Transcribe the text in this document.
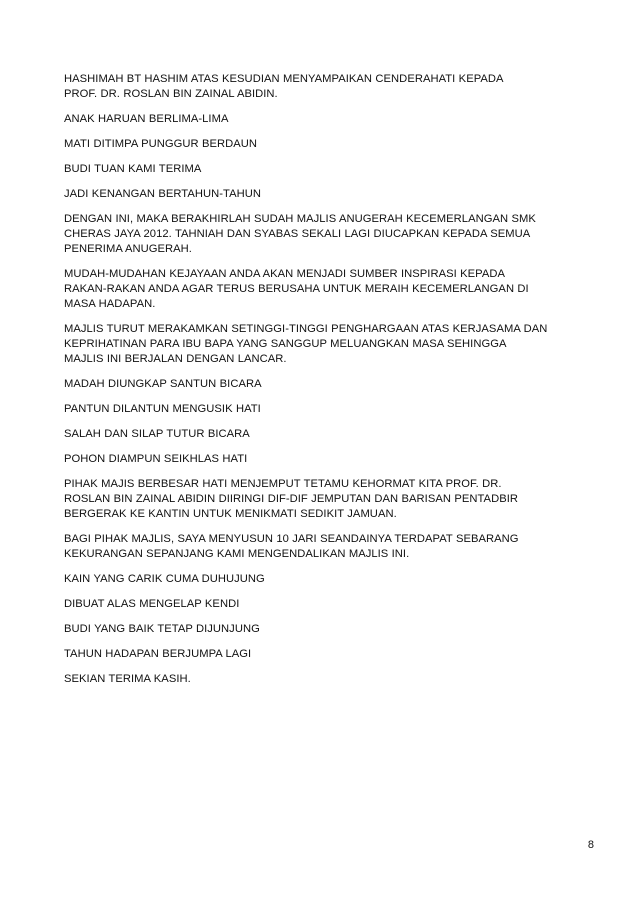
HASHIMAH BT HASHIM ATAS KESUDIAN MENYAMPAIKAN CENDERAHATI KEPADA
PROF. DR. ROSLAN BIN ZAINAL ABIDIN.

ANAK HARUAN BERLIMA-LIMA

MATI DITIMPA PUNGGUR BERDAUN

BUDI TUAN KAMI TERIMA

JADI KENANGAN BERTAHUN-TAHUN

DENGAN INI, MAKA BERAKHIRLAH SUDAH MAJLIS ANUGERAH KECEMERLANGAN SMK
CHERAS JAYA 2012. TAHNIAH DAN SYABAS SEKALI LAGI DIUCAPKAN KEPADA SEMUA
PENERIMA ANUGERAH.

MUDAH-MUDAHAN KEJAYAAN ANDA AKAN MENJADI SUMBER INSPIRASI KEPADA
RAKAN-RAKAN ANDA AGAR TERUS BERUSAHA UNTUK MERAIH KECEMERLANGAN DI
MASA HADAPAN.

MAJLIS TURUT MERAKAMKAN SETINGGI-TINGGI PENGHARGAAN ATAS KERJASAMA DAN
KEPRIHATINAN PARA IBU BAPA YANG SANGGUP MELUANGKAN MASA SEHINGGA
MAJLIS INI BERJALAN DENGAN LANCAR.

MADAH DIUNGKAP SANTUN BICARA

PANTUN DILANTUN MENGUSIK HATI

SALAH DAN SILAP TUTUR BICARA

POHON DIAMPUN SEIKHLAS HATI

PIHAK MAJIS BERBESAR HATI MENJEMPUT TETAMU KEHORMAT KITA PROF. DR.
ROSLAN BIN ZAINAL ABIDIN DIIRINGI DIF-DIF JEMPUTAN DAN BARISAN PENTADBIR
BERGERAK KE KANTIN UNTUK MENIKMATI SEDIKIT JAMUAN.

BAGI PIHAK MAJLIS, SAYA MENYUSUN 10 JARI SEANDAINYA TERDAPAT SEBARANG
KEKURANGAN SEPANJANG KAMI MENGENDALIKAN MAJLIS INI.

KAIN YANG CARIK CUMA DUHUJUNG

DIBUAT ALAS MENGELAP KENDI

BUDI YANG BAIK TETAP DIJUNJUNG

TAHUN HADAPAN BERJUMPA LAGI

SEKIAN TERIMA KASIH.

8
